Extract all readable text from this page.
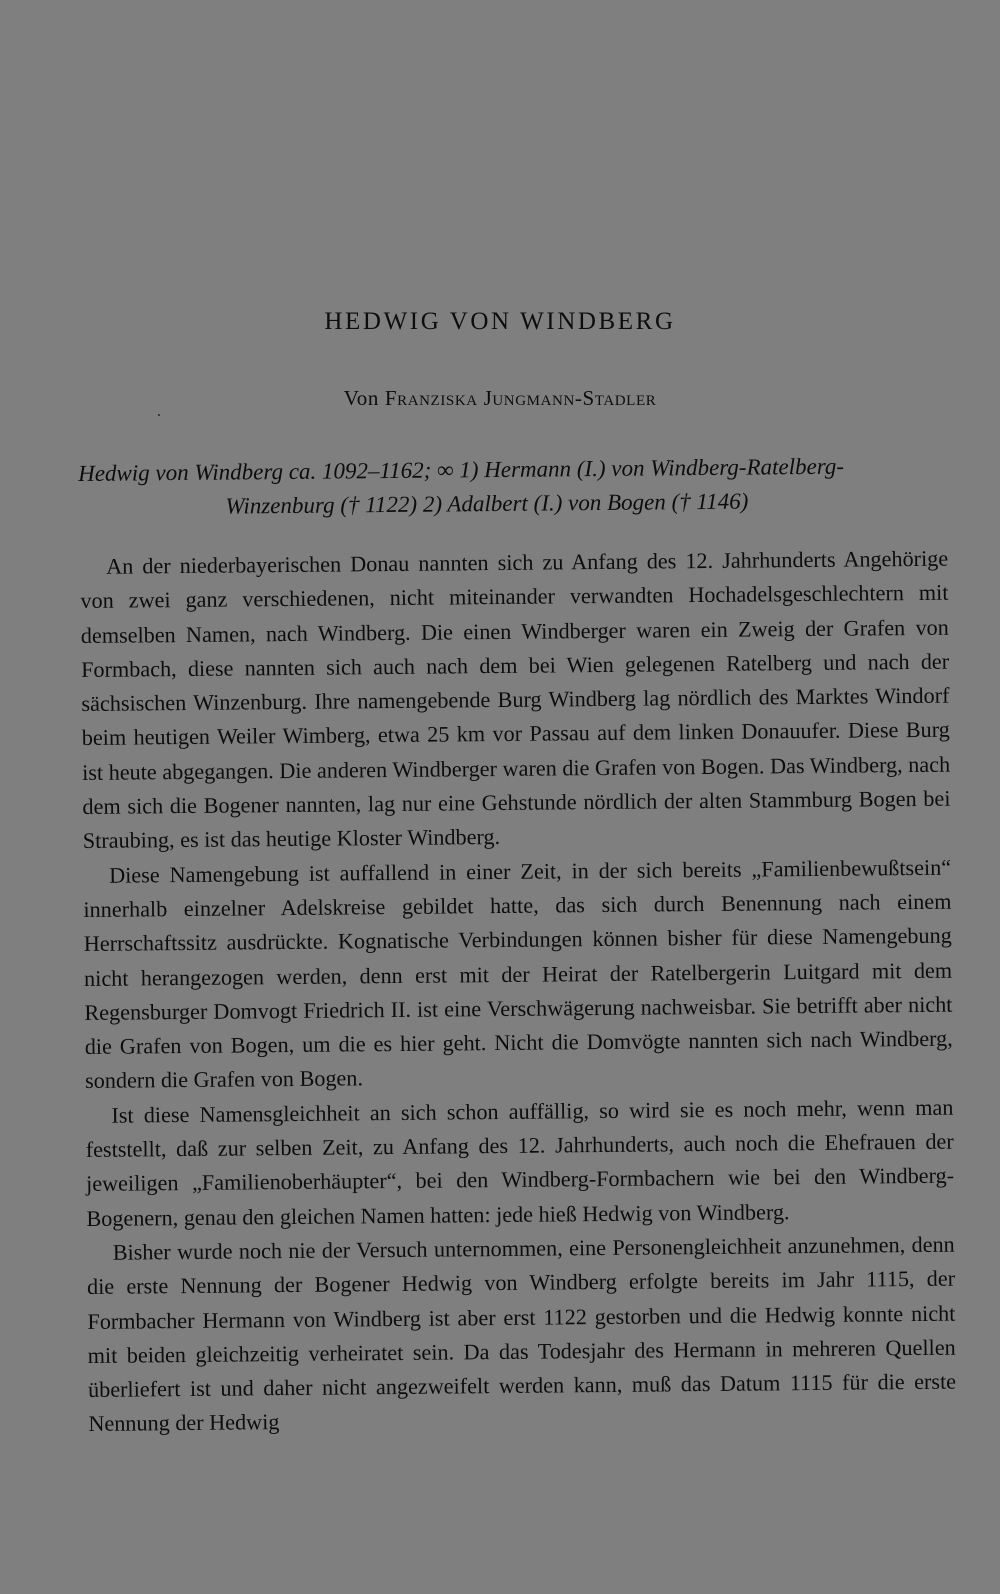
HEDWIG VON WINDBERG
Von Franziska Jungmann-Stadler
Hedwig von Windberg ca. 1092–1162; ∞ 1) Hermann (I.) von Windberg-Ratelberg-
Winzenburg († 1122) 2) Adalbert (I.) von Bogen († 1146)

An der niederbayerischen Donau nannten sich zu Anfang des 12. Jahrhunderts Angehörige von zwei ganz verschiedenen, nicht miteinander verwandten Hochadelsgeschlechtern mit demselben Namen, nach Windberg. Die einen Windberger waren ein Zweig der Grafen von Formbach, diese nannten sich auch nach dem bei Wien gelegenen Ratelberg und nach der sächsischen Winzenburg. Ihre namengebende Burg Windberg lag nördlich des Marktes Windorf beim heutigen Weiler Wimberg, etwa 25 km vor Passau auf dem linken Donauufer. Diese Burg ist heute abgegangen. Die anderen Windberger waren die Grafen von Bogen. Das Windberg, nach dem sich die Bogener nannten, lag nur eine Gehstunde nördlich der alten Stammburg Bogen bei Straubing, es ist das heutige Kloster Windberg.

Diese Namengebung ist auffallend in einer Zeit, in der sich bereits „Familienbewußtsein“ innerhalb einzelner Adelskreise gebildet hatte, das sich durch Benennung nach einem Herrschaftssitz ausdrückte. Kognatische Verbindungen können bisher für diese Namengebung nicht herangezogen werden, denn erst mit der Heirat der Ratelbergerin Luitgard mit dem Regensburger Domvogt Friedrich II. ist eine Verschwägerung nachweisbar. Sie betrifft aber nicht die Grafen von Bogen, um die es hier geht. Nicht die Domvögte nannten sich nach Windberg, sondern die Grafen von Bogen.

Ist diese Namensgleichheit an sich schon auffällig, so wird sie es noch mehr, wenn man feststellt, daß zur selben Zeit, zu Anfang des 12. Jahrhunderts, auch noch die Ehefrauen der jeweiligen „Familienoberhäupter“, bei den Windberg-Formbachern wie bei den Windberg-Bogenern, genau den gleichen Namen hatten: jede hieß Hedwig von Windberg.

Bisher wurde noch nie der Versuch unternommen, eine Personengleichheit anzunehmen, denn die erste Nennung der Bogener Hedwig von Windberg erfolgte bereits im Jahr 1115, der Formbacher Hermann von Windberg ist aber erst 1122 gestorben und die Hedwig konnte nicht mit beiden gleichzeitig verheiratet sein. Da das Todesjahr des Hermann in mehreren Quellen überliefert ist und daher nicht angezweifelt werden kann, muß das Datum 1115 für die erste Nennung der Hedwig
